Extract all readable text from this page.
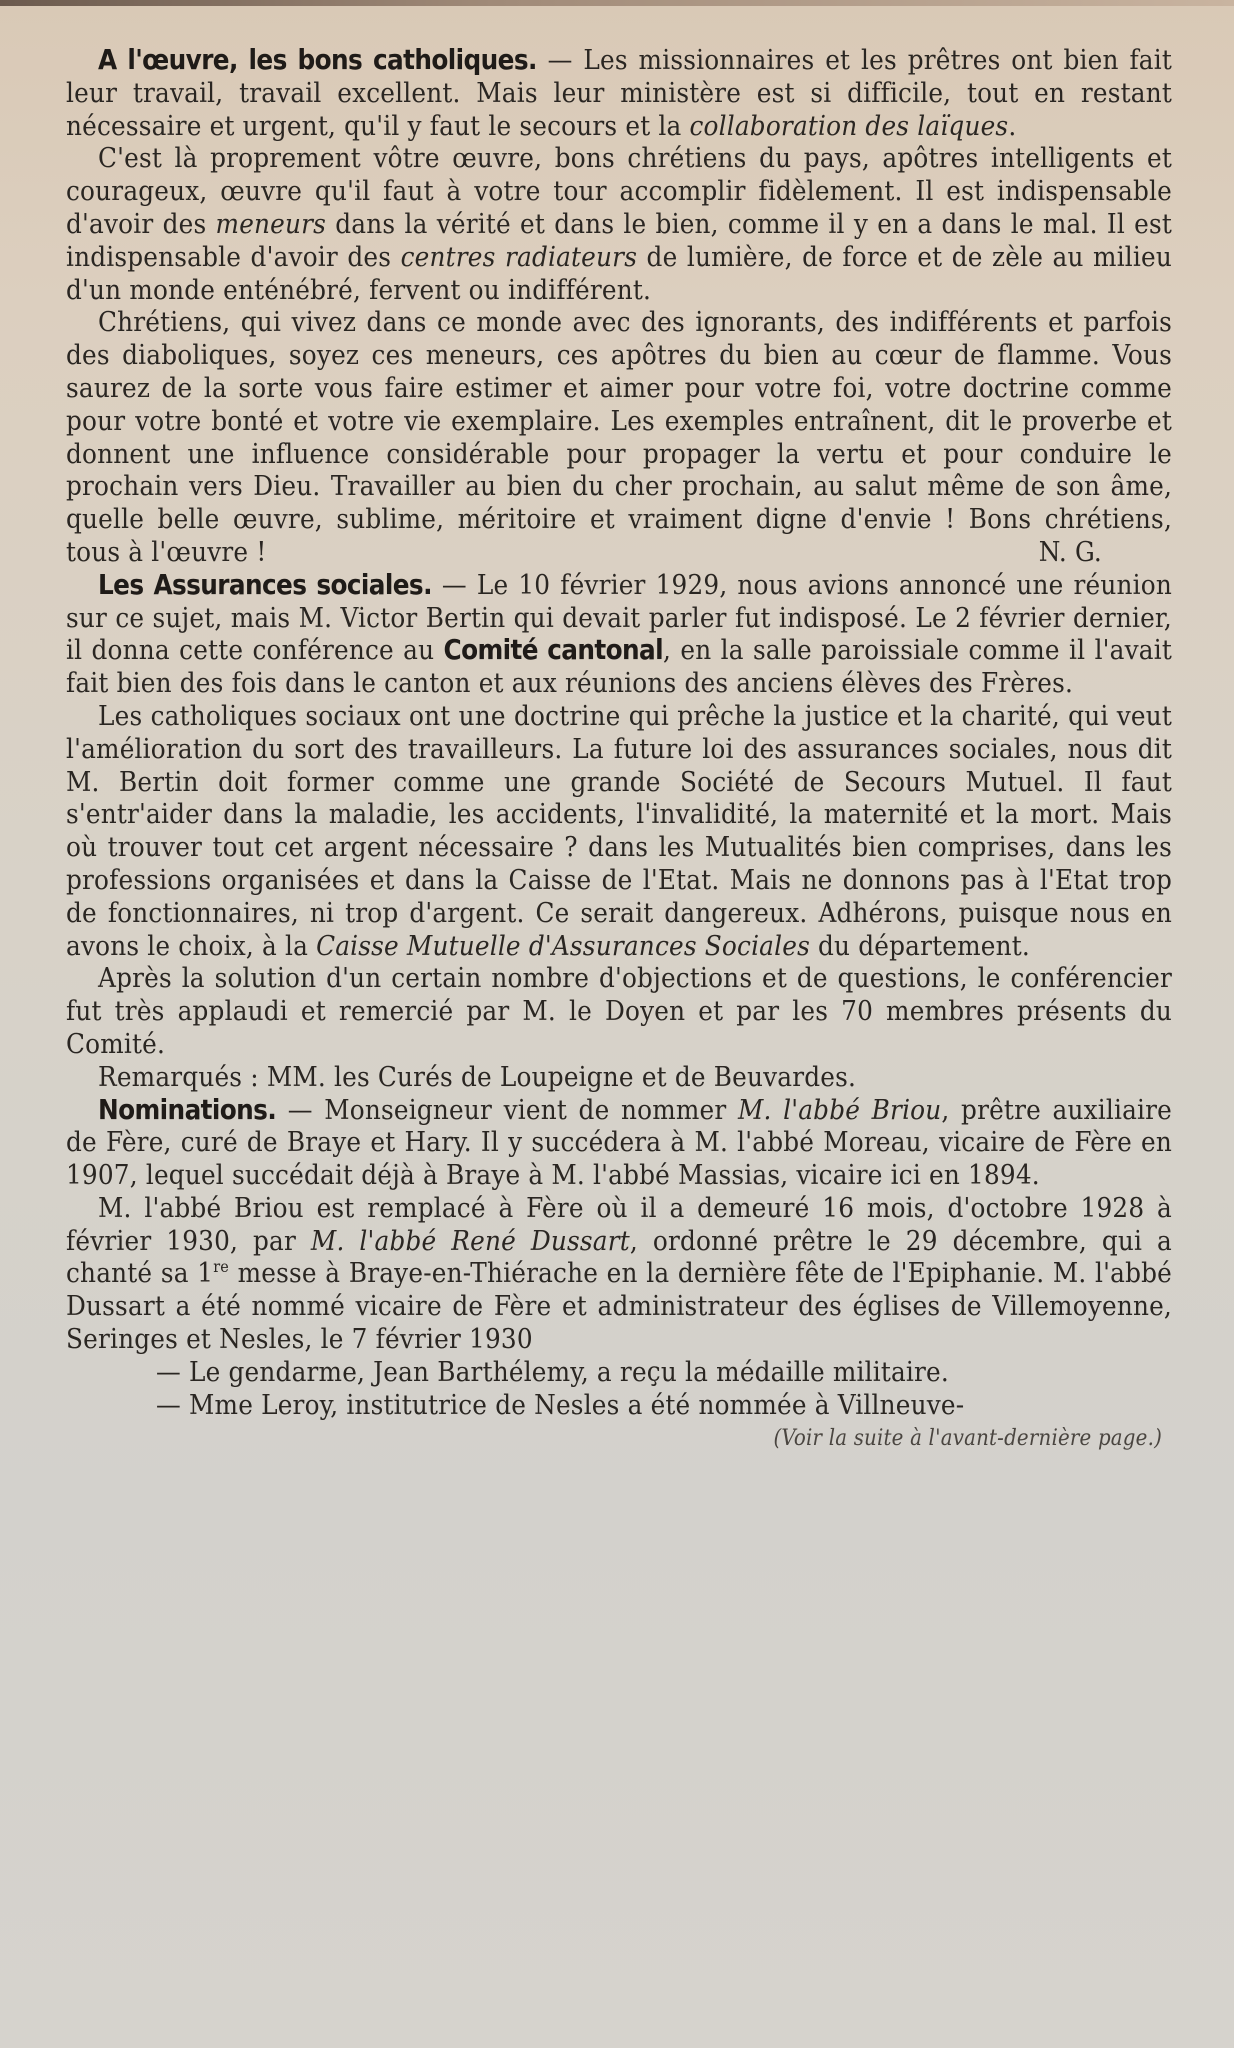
A l'œuvre, les bons catholiques. — Les missionnaires et les prêtres ont bien fait leur travail, travail excellent. Mais leur ministère est si difficile, tout en restant nécessaire et urgent, qu'il y faut le secours et la collaboration des laïques.

C'est là proprement vôtre œuvre, bons chrétiens du pays, apôtres intelligents et courageux, œuvre qu'il faut à votre tour accomplir fidèlement. Il est indispensable d'avoir des meneurs dans la vérité et dans le bien, comme il y en a dans le mal. Il est indispensable d'avoir des centres radiateurs de lumière, de force et de zèle au milieu d'un monde enténébré, fervent ou indifférent.

Chrétiens, qui vivez dans ce monde avec des ignorants, des indifférents et parfois des diaboliques, soyez ces meneurs, ces apôtres du bien au cœur de flamme. Vous saurez de la sorte vous faire estimer et aimer pour votre foi, votre doctrine comme pour votre bonté et votre vie exemplaire. Les exemples entraînent, dit le proverbe et donnent une influence considérable pour propager la vertu et pour conduire le prochain vers Dieu. Travailler au bien du cher prochain, au salut même de son âme, quelle belle œuvre, sublime, méritoire et vraiment digne d'envie ! Bons chrétiens, tous à l'œuvre !	N. G.

Les Assurances sociales. — Le 10 février 1929, nous avions annoncé une réunion sur ce sujet, mais M. Victor Bertin qui devait parler fut indisposé. Le 2 février dernier, il donna cette conférence au Comité cantonal, en la salle paroissiale comme il l'avait fait bien des fois dans le canton et aux réunions des anciens élèves des Frères.

Les catholiques sociaux ont une doctrine qui prêche la justice et la charité, qui veut l'amélioration du sort des travailleurs. La future loi des assurances sociales, nous dit M. Bertin doit former comme une grande Société de Secours Mutuel. Il faut s'entr'aider dans la maladie, les accidents, l'invalidité, la maternité et la mort. Mais où trouver tout cet argent nécessaire ? dans les Mutualités bien comprises, dans les professions organisées et dans la Caisse de l'Etat. Mais ne donnons pas à l'Etat trop de fonctionnaires, ni trop d'argent. Ce serait dangereux. Adhérons, puisque nous en avons le choix, à la Caisse Mutuelle d'Assurances Sociales du département.

Après la solution d'un certain nombre d'objections et de questions, le conférencier fut très applaudi et remercié par M. le Doyen et par les 70 membres présents du Comité.

Remarqués : MM. les Curés de Loupeigne et de Beuvardes.

Nominations. — Monseigneur vient de nommer M. l'abbé Briou, prêtre auxiliaire de Fère, curé de Braye et Hary. Il y succédera à M. l'abbé Moreau, vicaire de Fère en 1907, lequel succédait déjà à Braye à M. l'abbé Massias, vicaire ici en 1894.

M. l'abbé Briou est remplacé à Fère où il a demeuré 16 mois, d'octobre 1928 à février 1930, par M. l'abbé René Dussart, ordonné prêtre le 29 décembre, qui a chanté sa 1re messe à Braye-en-Thiérache en la dernière fête de l'Epiphanie. M. l'abbé Dussart a été nommé vicaire de Fère et administrateur des églises de Villemoyenne, Seringes et Nesles, le 7 février 1930

— Le gendarme, Jean Barthélemy, a reçu la médaille militaire.

— Mme Leroy, institutrice de Nesles a été nommée à Villneuve-

(Voir la suite à l'avant-dernière page.)
